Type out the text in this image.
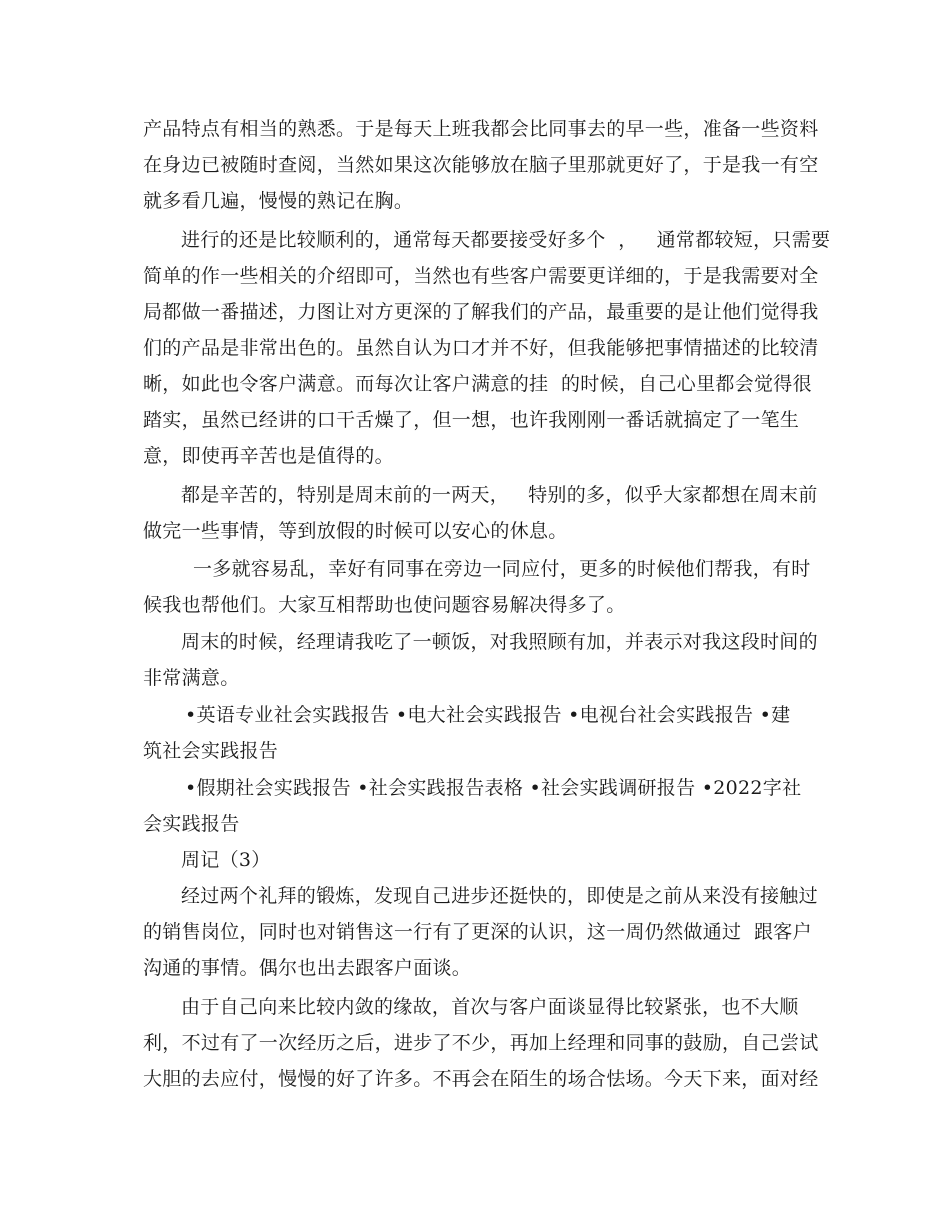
产品特点有相当的熟悉。于是每天上班我都会比同事去的早一些，准备一些资料
在身边已被随时查阅，当然如果这次能够放在脑子里那就更好了，于是我一有空
就多看几遍，慢慢的熟记在胸。
进行的还是比较顺利的，通常每天都要接受好多个  ，   通常都较短，只需要
简单的作一些相关的介绍即可，当然也有些客户需要更详细的，于是我需要对全
局都做一番描述，力图让对方更深的了解我们的产品，最重要的是让他们觉得我
们的产品是非常出色的。虽然自认为口才并不好，但我能够把事情描述的比较清
晰，如此也令客户满意。而每次让客户满意的挂  的时候，自己心里都会觉得很
踏实，虽然已经讲的口干舌燥了，但一想，也许我刚刚一番话就搞定了一笔生
意，即使再辛苦也是值得的。
都是辛苦的，特别是周末前的一两天，   特别的多，似乎大家都想在周末前
做完一些事情，等到放假的时候可以安心的休息。
一多就容易乱，幸好有同事在旁边一同应付，更多的时候他们帮我，有时
候我也帮他们。大家互相帮助也使问题容易解决得多了。
周末的时候，经理请我吃了一顿饭，对我照顾有加，并表示对我这段时间的
非常满意。
•英语专业社会实践报告 •电大社会实践报告 •电视台社会实践报告 •建
筑社会实践报告
•假期社会实践报告 •社会实践报告表格 •社会实践调研报告 •2022字社
会实践报告
周记（3）
经过两个礼拜的锻炼，发现自己进步还挺快的，即使是之前从来没有接触过
的销售岗位，同时也对销售这一行有了更深的认识，这一周仍然做通过  跟客户
沟通的事情。偶尔也出去跟客户面谈。
由于自己向来比较内敛的缘故，首次与客户面谈显得比较紧张，也不大顺
利，不过有了一次经历之后，进步了不少，再加上经理和同事的鼓励，自己尝试
大胆的去应付，慢慢的好了许多。不再会在陌生的场合怯场。今天下来，面对经
